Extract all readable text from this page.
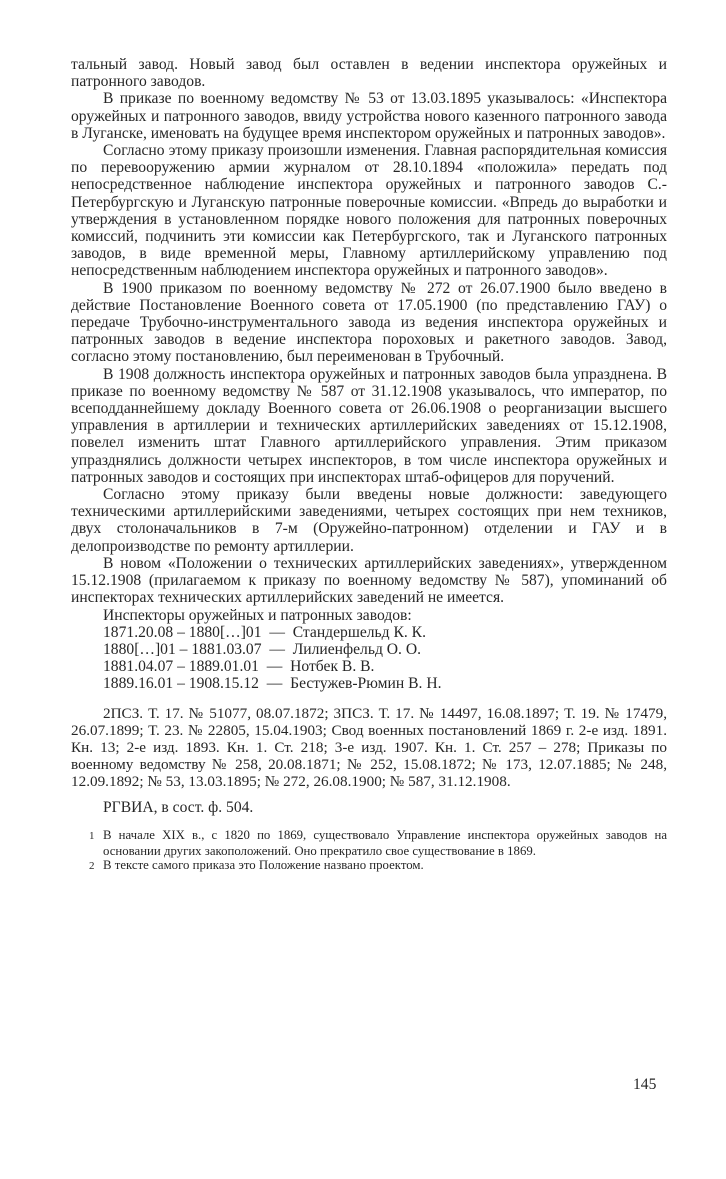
тальный завод. Новый завод был оставлен в ведении инспектора оружейных и патронного заводов.

В приказе по военному ведомству № 53 от 13.03.1895 указывалось: «Инспектора оружейных и патронного заводов, ввиду устройства нового казенного патронного завода в Луганске, именовать на будущее время инспектором оружейных и патронных заводов».

Согласно этому приказу произошли изменения. Главная распорядительная комиссия по перевооружению армии журналом от 28.10.1894 «положила» передать под непосредственное наблюдение инспектора оружейных и патронного заводов С.-Петербургскую и Луганскую патронные поверочные комиссии. «Впредь до выработки и утверждения в установленном порядке нового положения для патронных поверочных комиссий, подчинить эти комиссии как Петербургского, так и Луганского патронных заводов, в виде временной меры, Главному артиллерийскому управлению под непосредственным наблюдением инспектора оружейных и патронного заводов».

В 1900 приказом по военному ведомству № 272 от 26.07.1900 было введено в действие Постановление Военного совета от 17.05.1900 (по представлению ГАУ) о передаче Трубочно-инструментального завода из ведения инспектора оружейных и патронных заводов в ведение инспектора пороховых и ракетного заводов. Завод, согласно этому постановлению, был переименован в Трубочный.

В 1908 должность инспектора оружейных и патронных заводов была упразднена. В приказе по военному ведомству № 587 от 31.12.1908 указывалось, что император, по всеподданнейшему докладу Военного совета от 26.06.1908 о реорганизации высшего управления в артиллерии и технических артиллерийских заведениях от 15.12.1908, повелел изменить штат Главного артиллерийского управления. Этим приказом упразднялись должности четырех инспекторов, в том числе инспектора оружейных и патронных заводов и состоящих при инспекторах штаб-офицеров для поручений.

Согласно этому приказу были введены новые должности: заведующего техническими артиллерийскими заведениями, четырех состоящих при нем техников, двух столоначальников в 7-м (Оружейно-патронном) отделении и ГАУ и в делопроизводстве по ремонту артиллерии.

В новом «Положении о технических артиллерийских заведениях», утвержденном 15.12.1908 (прилагаемом к приказу по военному ведомству № 587), упоминаний об инспекторах технических артиллерийских заведений не имеется.

Инспекторы оружейных и патронных заводов:
1871.20.08 – 1880[…]01  —  Стандершельд К. К.
1880[…]01 – 1881.03.07  —  Лилиенфельд О. О.
1881.04.07 – 1889.01.01  —  Нотбек В. В.
1889.16.01 – 1908.15.12  —  Бестужев-Рюмин В. Н.

2ПСЗ. Т. 17. № 51077, 08.07.1872; 3ПСЗ. Т. 17. № 14497, 16.08.1897; Т. 19. № 17479, 26.07.1899; Т. 23. № 22805, 15.04.1903; Свод военных постановлений 1869 г. 2-е изд. 1891. Кн. 13; 2-е изд. 1893. Кн. 1. Ст. 218; 3-е изд. 1907. Кн. 1. Ст. 257 – 278; Приказы по военному ведомству № 258, 20.08.1871; № 252, 15.08.1872; № 173, 12.07.1885; № 248, 12.09.1892; № 53, 13.03.1895; № 272, 26.08.1900; № 587, 31.12.1908.

РГВИА, в сост. ф. 504.

1 В начале XIX в., с 1820 по 1869, существовало Управление инспектора оружейных заводов на основании других закоположений. Оно прекратило свое существование в 1869.

2 В тексте самого приказа это Положение названо проектом.

145
